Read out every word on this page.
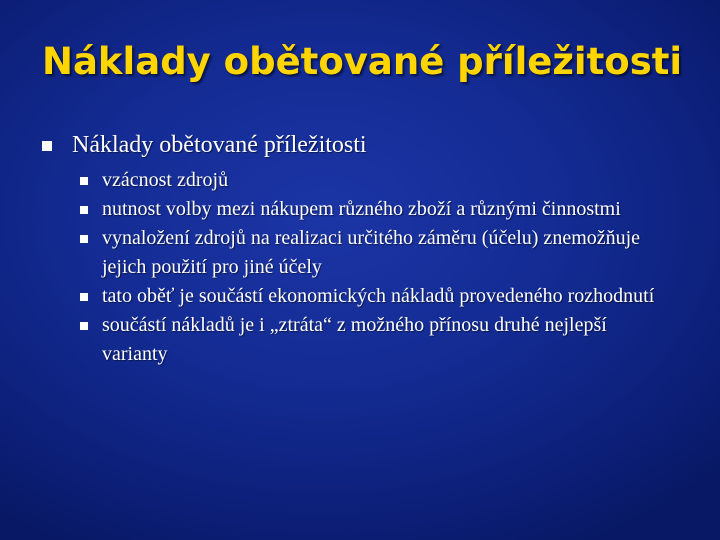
Náklady obětované příležitosti
Náklady obětované příležitosti
vzácnost zdrojů
nutnost volby mezi nákupem různého zboží a různými činnostmi
vynaložení zdrojů na realizaci určitého záměru (účelu) znemožňuje jejich použití pro jiné účely
tato oběť je součástí ekonomických nákladů provedeného rozhodnutí
součástí nákladů je i „ztráta“ z možného přínosu druhé nejlepší varianty
